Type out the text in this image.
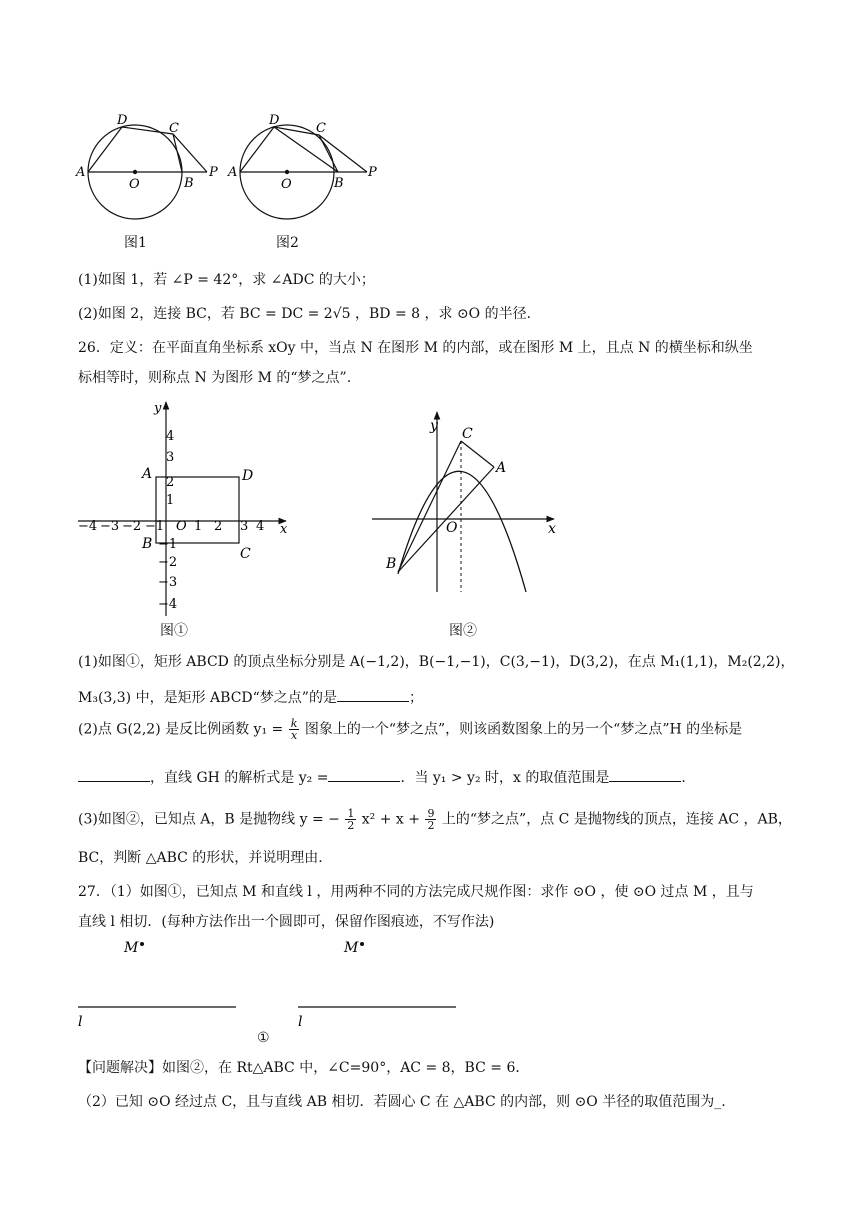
D
C
A
O	B
P
图1
D
C
A
O	B
P
图2
(1)如图 1，若 ∠P = 42°，求 ∠ADC 的大小；
(2)如图 2，连接 BC，若 BC = DC = 2√5 ，BD = 8 ，求 ⊙O 的半径.
26．定义：在平面直角坐标系 xOy 中，当点 N 在图形 M 的内部，或在图形 M 上，且点 N 的横坐标和纵坐
标相等时，则称点 N 为图形 M 的“梦之点”.
x
y
−4 −3 −2 −1 O 1 2 3 4
4
3
2
1
−1
−2
−3
−4
A	D
B
C
图①
x
y C
A
O
B
图②
(1)如图①，矩形 ABCD 的顶点坐标分别是 A(−1,2)，B(−1,−1)，C(3,−1)，D(3,2)，在点 M₁(1,1)，M₂(2,2)，
M₃(3,3) 中，是矩形 ABCD“梦之点”的是	；
(2)点 G(2,2) 是反比例函数 $y_1 = \frac{k}{x}$ 图象上的一个“梦之点”，则该函数图象上的另一个“梦之点”H 的坐标是
，直线 GH 的解析式是 y₂ =	．当 y₁ > y₂ 时，x 的取值范围是	.
(3)如图②，已知点 A，B 是抛物线 y = − $\frac{1}{2} x^2 + x + \frac{9}{2}$ 上的“梦之点”，点 C 是抛物线的顶点，连接 AC ，AB，
BC，判断 △ABC 的形状，并说明理由.
27．（1）如图①，已知点 M 和直线 l ，用两种不同的方法完成尺规作图：求作 ⊙O ，使 ⊙O 过点 M ，且与
直线 l 相切．(每种方法作出一个圆即可，保留作图痕迹，不写作法)
M
l
M
l
①
【问题解决】如图②，在 Rt△ABC 中，∠C=90°，AC = 8，BC = 6．
（2）已知 ⊙O 经过点 C，且与直线 AB 相切．若圆心 C 在 △ABC 的内部，则 ⊙O 半径的取值范围为_.
